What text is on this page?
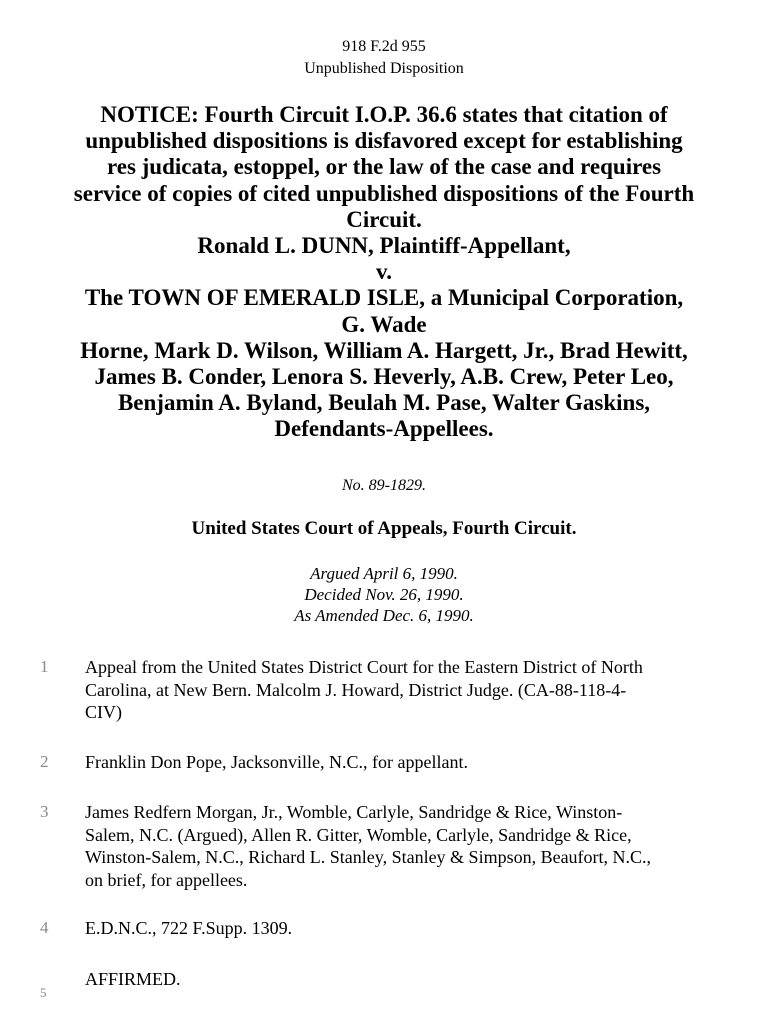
918 F.2d 955
Unpublished Disposition
NOTICE: Fourth Circuit I.O.P. 36.6 states that citation of
unpublished dispositions is disfavored except for establishing
res judicata, estoppel, or the law of the case and requires
service of copies of cited unpublished dispositions of the Fourth
Circuit.
Ronald L. DUNN, Plaintiff-Appellant,
v.
The TOWN OF EMERALD ISLE, a Municipal Corporation,
G. Wade
Horne, Mark D. Wilson, William A. Hargett, Jr., Brad Hewitt,
James B. Conder, Lenora S. Heverly, A.B. Crew, Peter Leo,
Benjamin A. Byland, Beulah M. Pase, Walter Gaskins,
Defendants-Appellees.
No. 89-1829.
United States Court of Appeals, Fourth Circuit.
Argued April 6, 1990.
Decided Nov. 26, 1990.
As Amended Dec. 6, 1990.
1	Appeal from the United States District Court for the Eastern District of North
Carolina, at New Bern. Malcolm J. Howard, District Judge. (CA-88-118-4-
CIV)
2	Franklin Don Pope, Jacksonville, N.C., for appellant.
3	James Redfern Morgan, Jr., Womble, Carlyle, Sandridge & Rice, Winston-
Salem, N.C. (Argued), Allen R. Gitter, Womble, Carlyle, Sandridge & Rice,
Winston-Salem, N.C., Richard L. Stanley, Stanley & Simpson, Beaufort, N.C.,
on brief, for appellees.
4	E.D.N.C., 722 F.Supp. 1309.
5
AFFIRMED.
